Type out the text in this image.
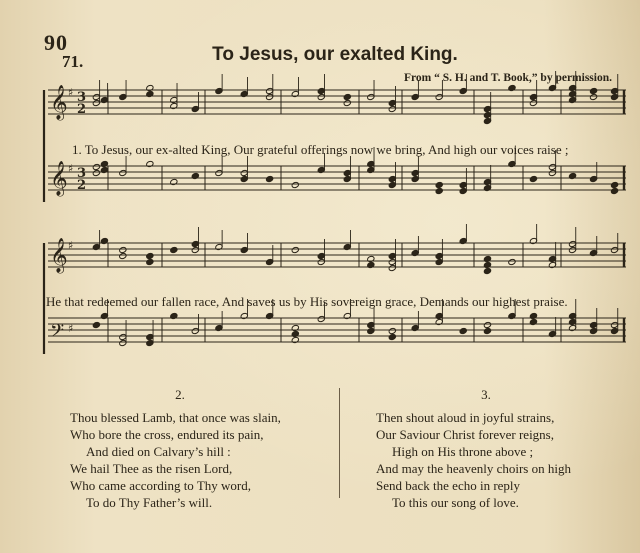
90
71.	To Jesus, our exalted King.
From “ S. H. and T. Book,” by permission.
𝄞 ♯ 3
2
𝄞 ♯ 3
2
𝄞 ♯
𝄢 ♯
1. To Jesus, our ex-alted King, Our grateful offerings now we bring, And high our voices raise ;
He that redeemed our fallen race, And saves us by His sovereign grace, Demands our highest praise.
2.
Thou blessed Lamb, that once was slain,
Who bore the cross, endured its pain,
And died on Calvary’s hill :
We hail Thee as the risen Lord,
Who came according to Thy word,
To do Thy Father’s will.
3.
Then shout aloud in joyful strains,
Our Saviour Christ forever reigns,
High on His throne above ;
And may the heavenly choirs on high
Send back the echo in reply
To this our song of love.
